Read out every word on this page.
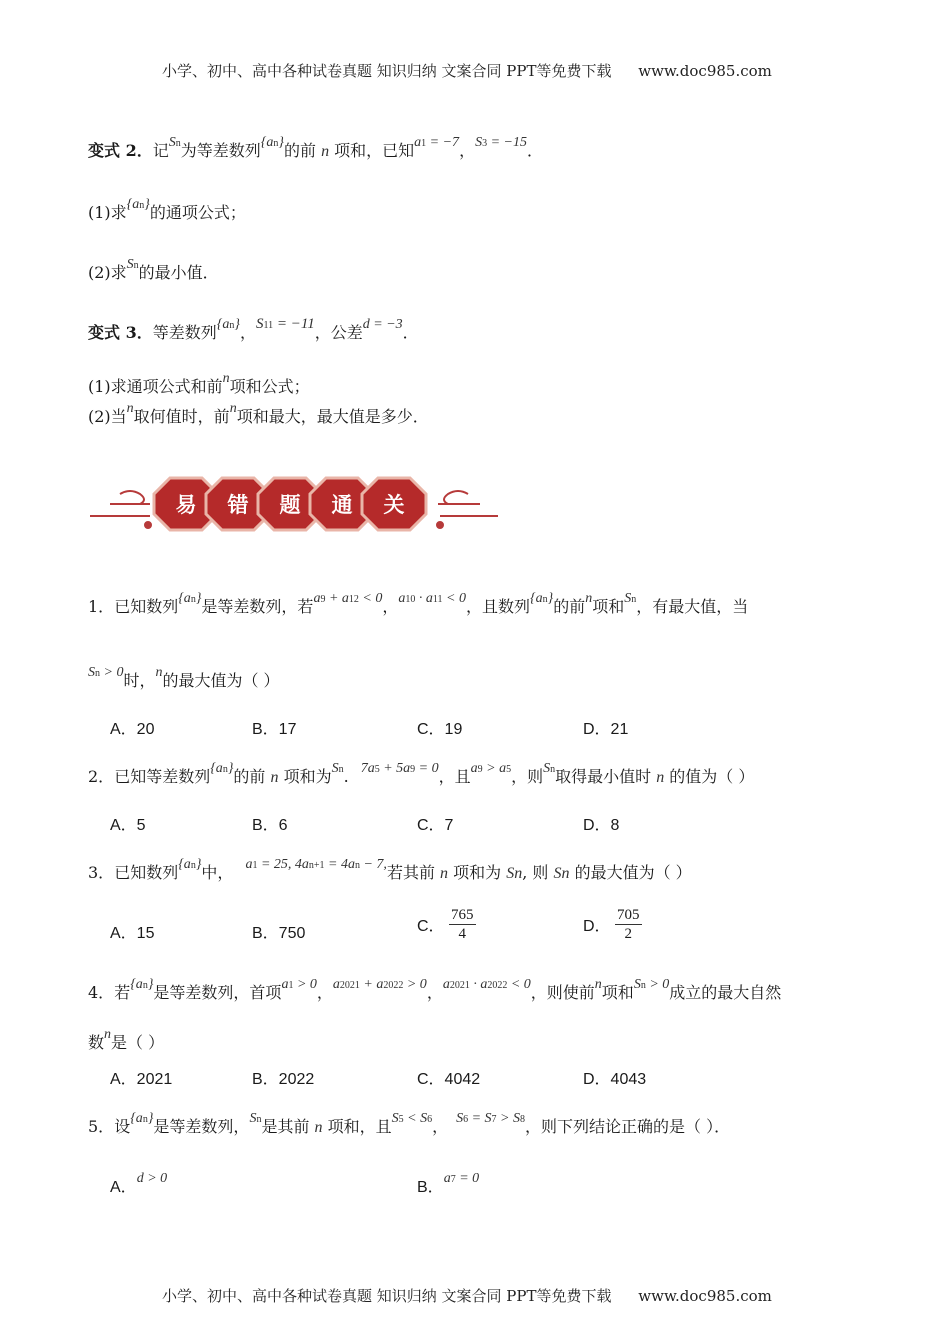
小学、初中、高中各种试卷真题 知识归纳 文案合同 PPT等免费下载 www.doc985.com
变式 2．记Sn为等差数列{an}的前 n 项和，已知a1 = −7，S3 = −15．
(1)求{an}的通项公式；
(2)求Sn的最小值．
变式 3．等差数列{an}，S11 = −11，公差d = −3．
(1)求通项公式和前n项和公式；
(2)当n取何值时，前n项和最大，最大值是多少．
易 错 题 通 关
1．已知数列{an}是等差数列，若a9 + a12 < 0，a10 · a11 < 0，且数列{an}的前n项和Sn，有最大值，当
Sn > 0时，n的最大值为（ ）
A．20	B．17	C．19	D．21
2．已知等差数列{an}的前 n 项和为Sn. 7a5 + 5a9 = 0，且a9 > a5，则Sn取得最小值时 n 的值为（ ）
A．5	B．6	C．7	D．8
3．已知数列{an}中， a1 = 25, 4an+1 = 4an − 7,若其前 n 项和为 Sn, 则 Sn 的最大值为（ ）
A．15	B．750	C． $\frac{765}{4}$	D． $\frac{705}{2}$
4．若{an}是等差数列，首项a1 > 0，a2021 + a2022 > 0，a2021 · a2022 < 0，则使前n项和Sn > 0成立的最大自然
数n是（ ）
A．2021	B．2022	C．4042	D．4043
5．设{an}是等差数列，Sn是其前 n 项和，且S5 < S6， S6 = S7 > S8，则下列结论正确的是（ ）．
A．d > 0
B．a7 = 0
小学、初中、高中各种试卷真题 知识归纳 文案合同 PPT等免费下载 www.doc985.com
